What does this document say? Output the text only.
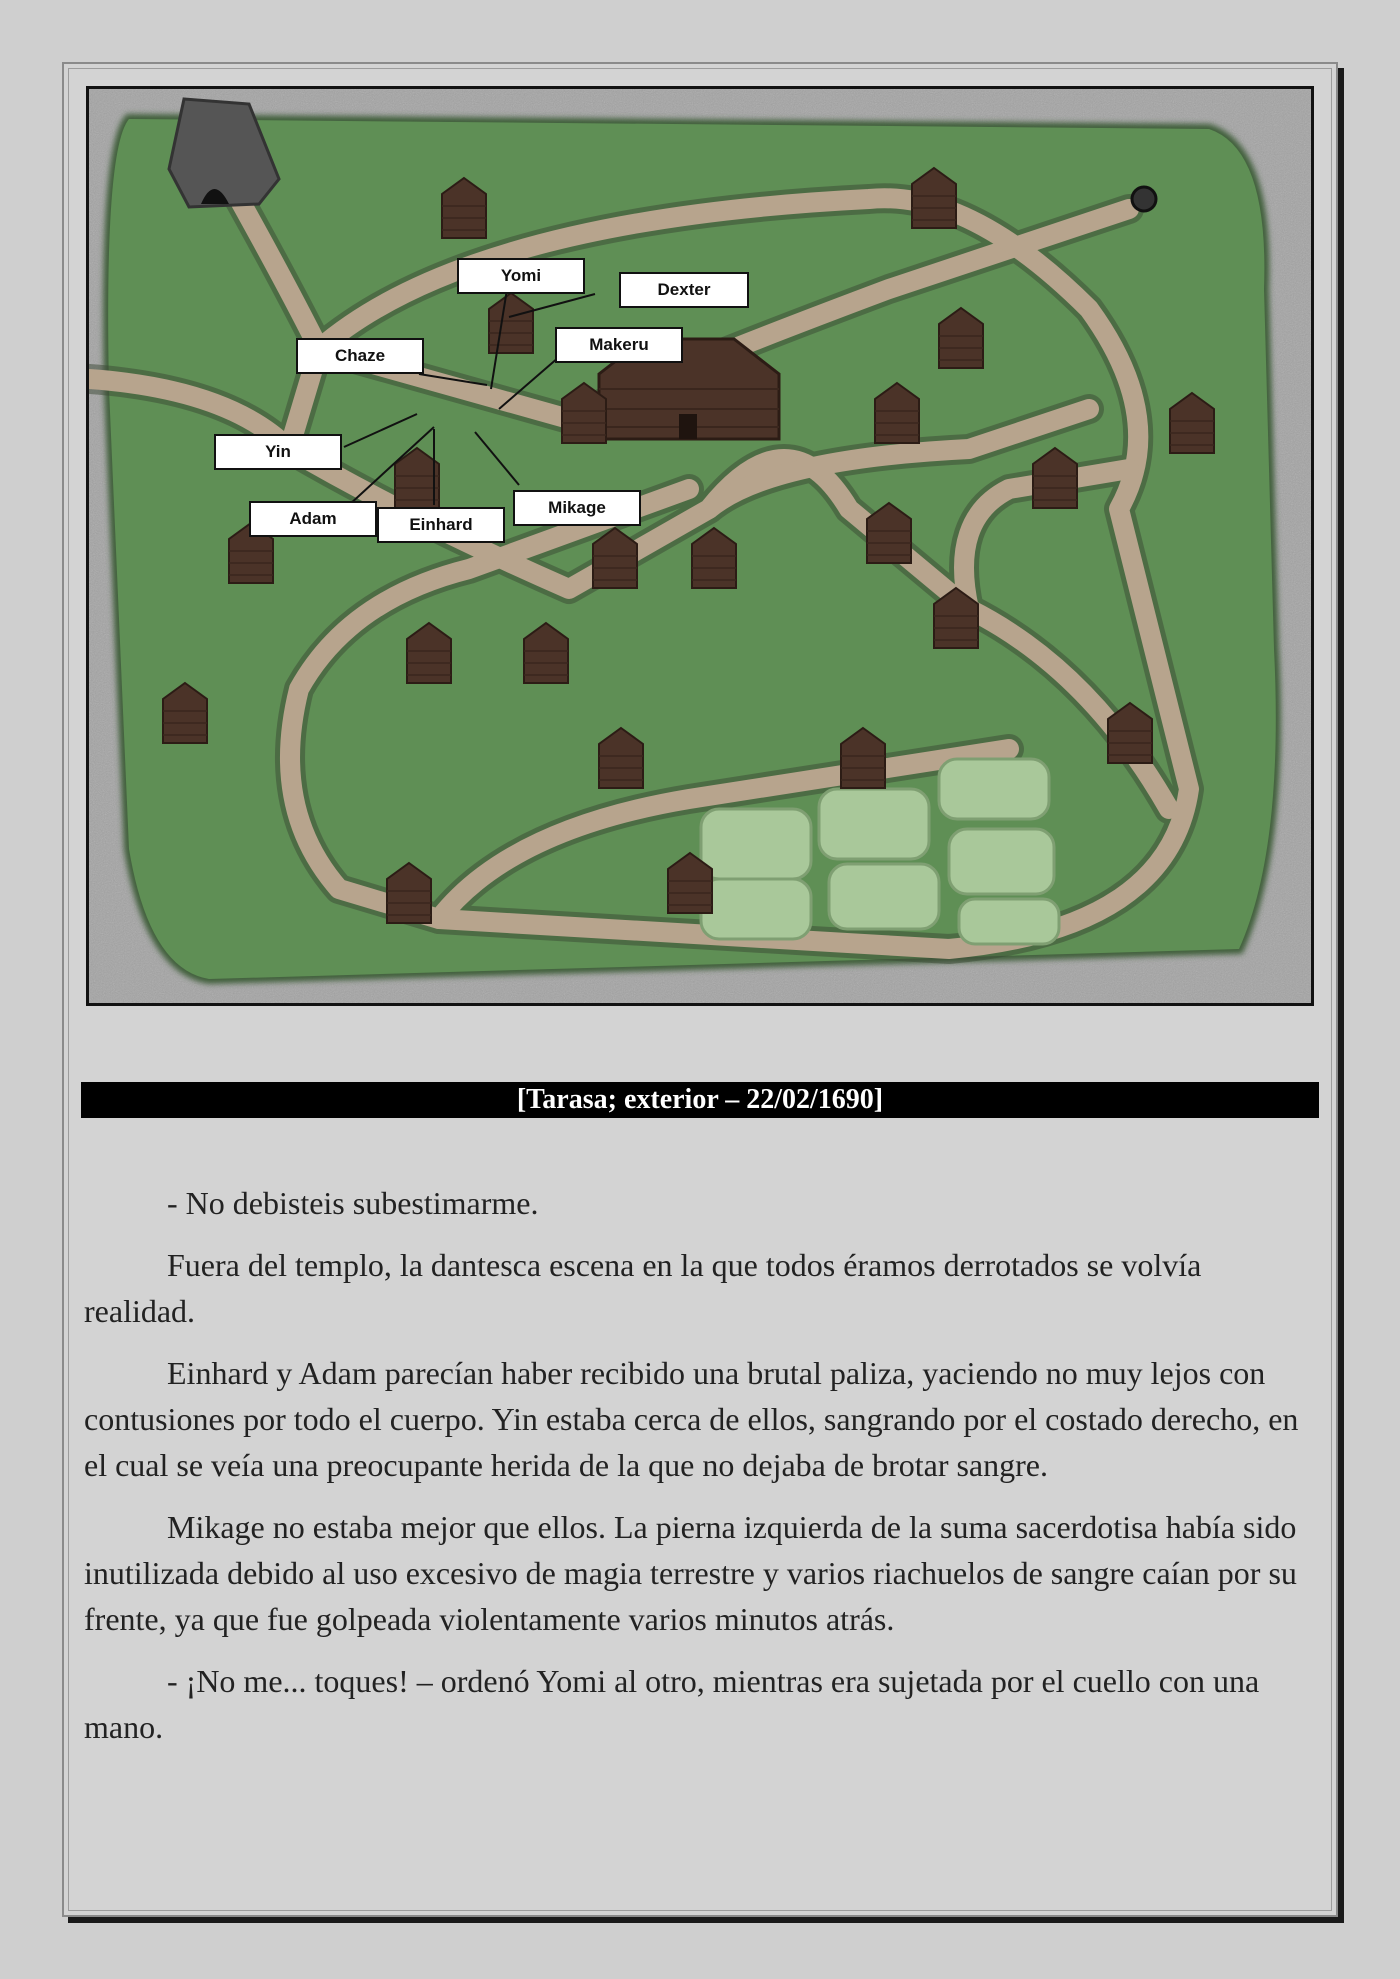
Yomi
Dexter
Chaze
Makeru
Yin
Mikage
Adam	Einhard
[Tarasa; exterior – 22/02/1690]

- No debisteis subestimarme.

Fuera del templo, la dantesca escena en la que todos éramos derrotados se volvía realidad.

Einhard y Adam parecían haber recibido una brutal paliza, yaciendo no muy lejos con contusiones por todo el cuerpo. Yin estaba cerca de ellos, sangrando por el costado derecho, en el cual se veía una preocupante herida de la que no dejaba de brotar sangre.

Mikage no estaba mejor que ellos. La pierna izquierda de la suma sacerdotisa había sido inutilizada debido al uso excesivo de magia terrestre y varios riachuelos de sangre caían por su frente, ya que fue golpeada violentamente varios minutos atrás.

- ¡No me... toques! – ordenó Yomi al otro, mientras era sujetada por el cuello con una mano.
